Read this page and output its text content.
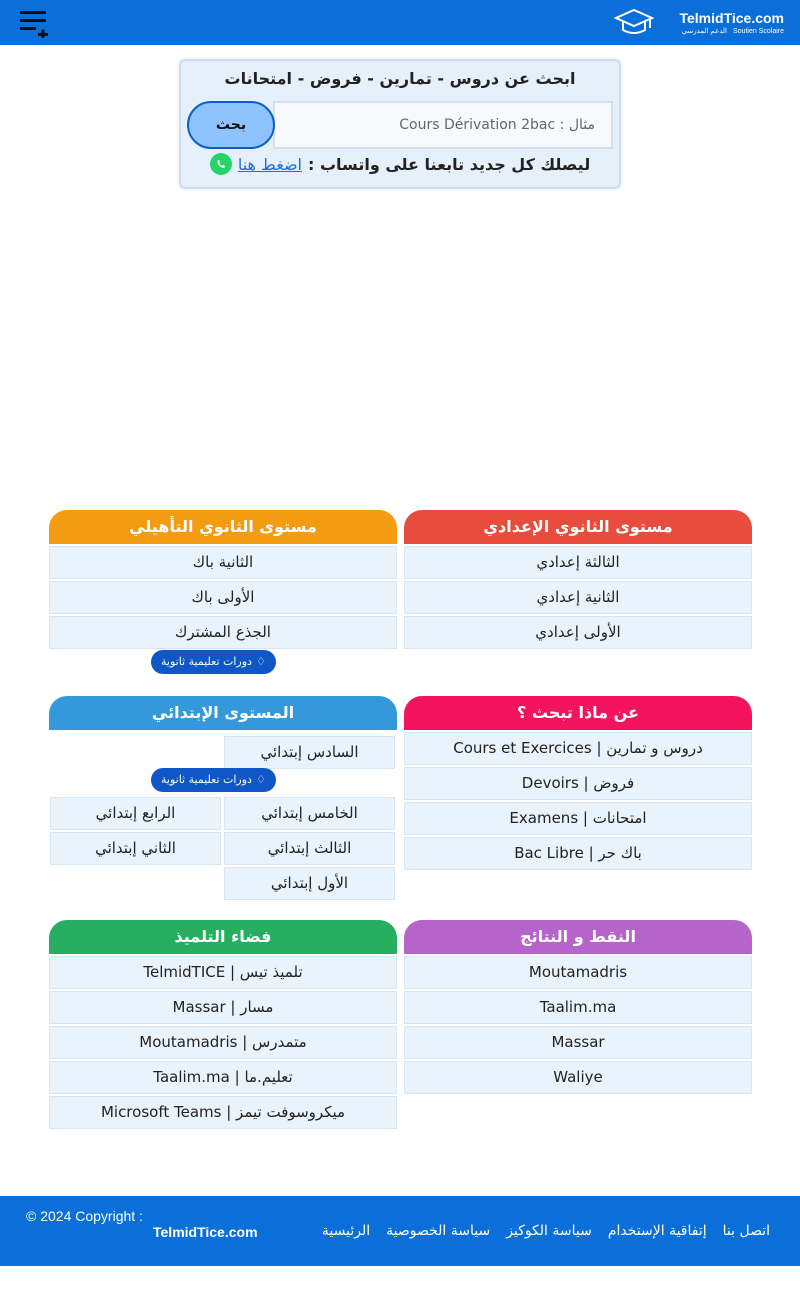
TelmidTice.com
الدعم المدرسي Soutien Scolaire
ابحث عن دروس - تمارين - فروض - امتحانات
مثال : Cours Dérivation 2bac
بحث
ليصلك كل جديد تابعنا على واتساب :
اضغط هنا
مستوى الثانوي الإعدادي
الثالثة إعدادي
الثانية إعدادي
الأولى إعدادي
مستوى الثانوي التأهيلي
الثانية باك
الأولى باك
الجذع المشترك
♢
دورات تعليمية ثانوية
عن ماذا تبحث ؟
دروس و تمارين | Cours et Exercices
فروض | Devoirs
امتحانات | Examens
باك حر | Bac Libre
المستوى الإبتدائي
السادس إبتدائي
♢
دورات تعليمية ثانوية
الخامس إبتدائي
الرابع إبتدائي
الثالث إبتدائي
الثاني إبتدائي
الأول إبتدائي
النقط و النتائج
Moutamadris
Taalim.ma
Massar
Waliye
فضاء التلميذ
تلميذ تيس | TelmidTICE
مسار | Massar
متمدرس | Moutamadris
تعليم.ما | Taalim.ma
ميكروسوفت تيمز | Microsoft Teams
© 2024 Copyright :
TelmidTice.com	الرئيسية سياسة الخصوصية سياسة الكوكيز إتفاقية الإستخدام اتصل بنا
